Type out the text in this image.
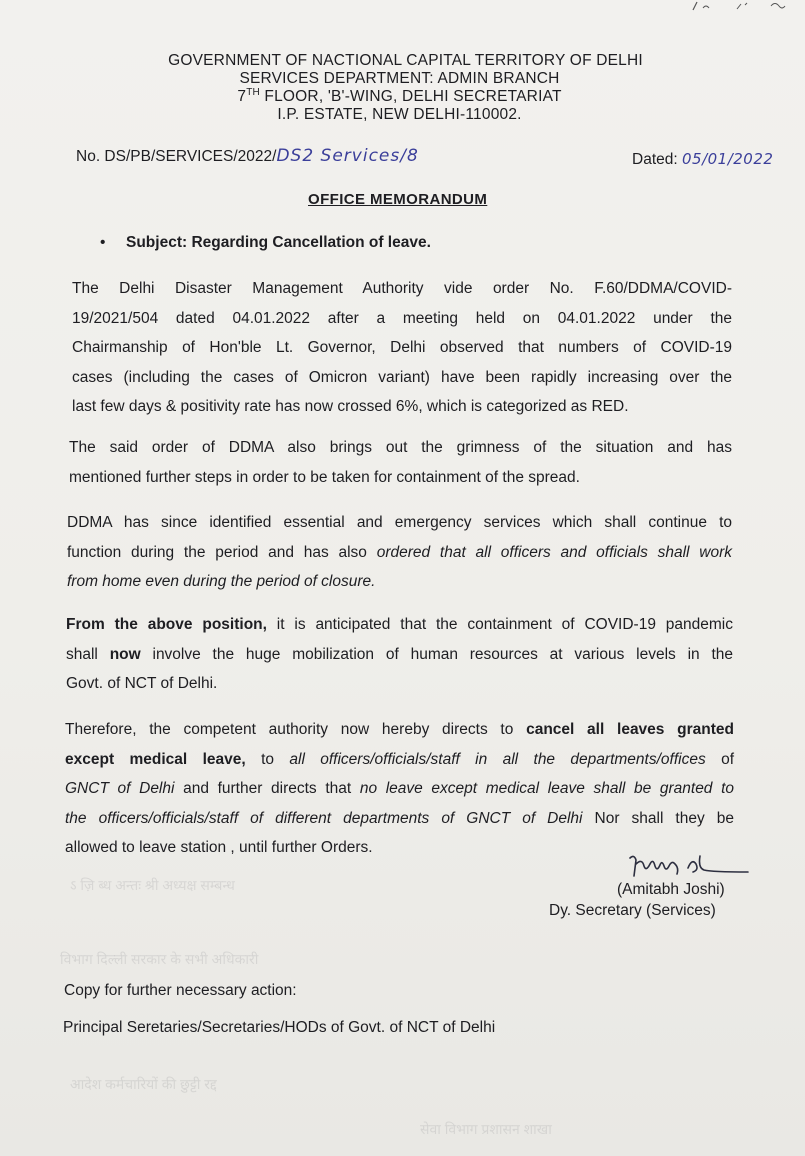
GOVERNMENT OF NACTIONAL CAPITAL TERRITORY OF DELHI
SERVICES DEPARTMENT: ADMIN BRANCH
7TH FLOOR, 'B'-WING, DELHI SECRETARIAT
I.P. ESTATE, NEW DELHI-110002.
No. DS/PB/SERVICES/2022/DS2 Services/8	Dated: 05/01/2022
OFFICE MEMORANDUM
• Subject: Regarding Cancellation of leave.
The Delhi Disaster Management Authority vide order No. F.60/DDMA/COVID-
19/2021/504 dated 04.01.2022 after a meeting held on 04.01.2022 under the
Chairmanship of Hon'ble Lt. Governor, Delhi observed that numbers of COVID-19
cases (including the cases of Omicron variant) have been rapidly increasing over the
last few days & positivity rate has now crossed 6%, which is categorized as RED.
The said order of DDMA also brings out the grimness of the situation and has
mentioned further steps in order to be taken for containment of the spread.
DDMA has since identified essential and emergency services which shall continue to
function during the period and has also ordered that all officers and officials shall work
from home even during the period of closure.
From the above position, it is anticipated that the containment of COVID-19 pandemic
shall now involve the huge mobilization of human resources at various levels in the
Govt. of NCT of Delhi.
Therefore, the competent authority now hereby directs to cancel all leaves granted
except medical leave, to all officers/officials/staff in all the departments/offices of
GNCT of Delhi and further directs that no leave except medical leave shall be granted to
the officers/officials/staff of different departments of GNCT of Delhi Nor shall they be
allowed to leave station , until further Orders.
(Amitabh Joshi)
Dy. Secretary (Services)
Copy for further necessary action:
Principal Seretaries/Secretaries/HODs of Govt. of NCT of Delhi
ऽ ज़ि ब्ध अन्तः श्री अध्यक्ष सम्बन्ध
विभाग दिल्ली सरकार के सभी अधिकारी
आदेश कर्मचारियों की छुट्टी रद्द
सेवा विभाग प्रशासन शाखा
